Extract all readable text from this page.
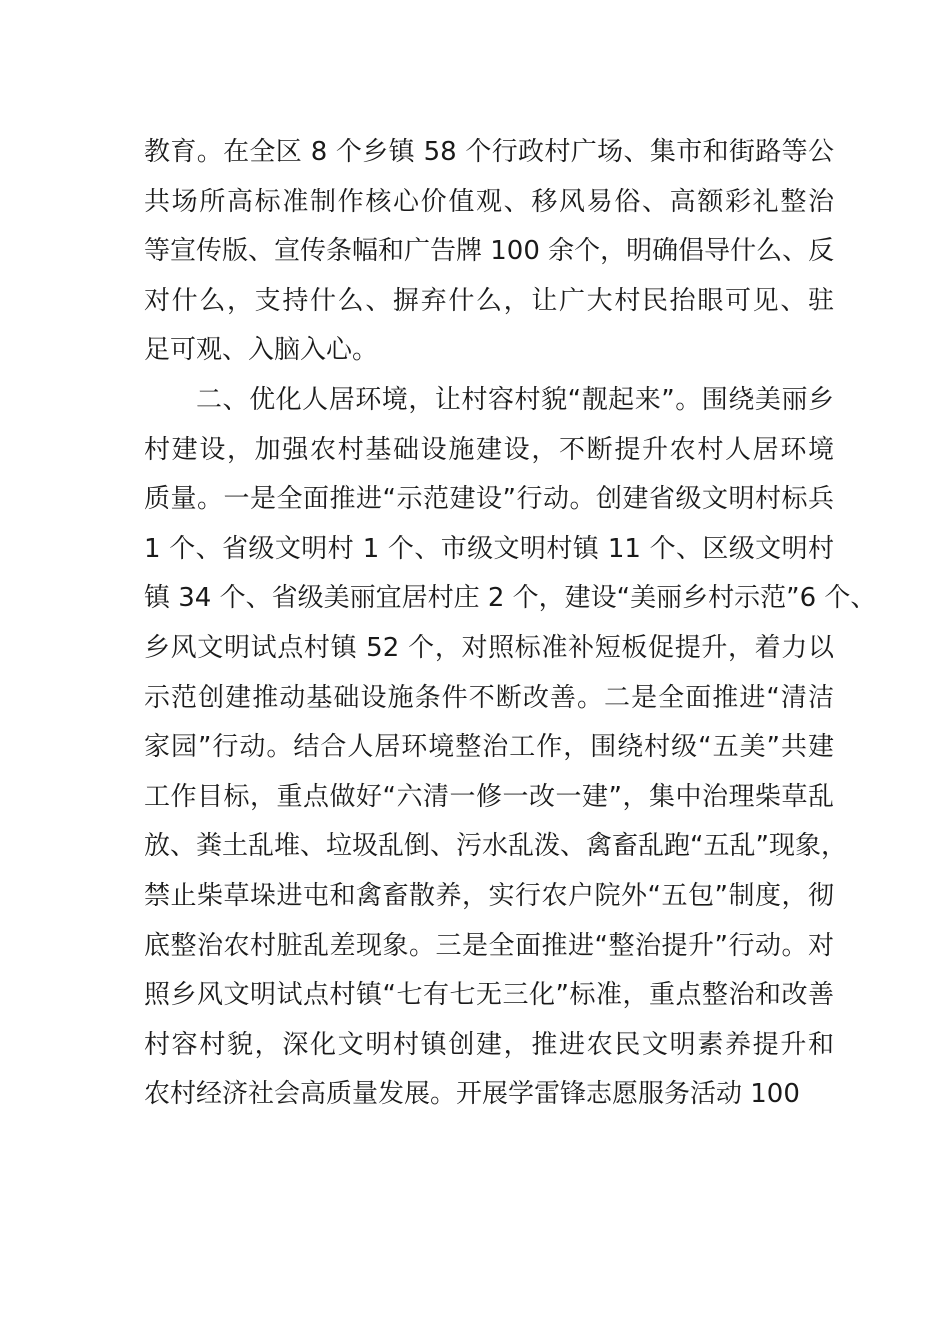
教育。在全区 8 个乡镇 58 个行政村广场、集市和街路等公
共场所高标准制作核心价值观、移风易俗、高额彩礼整治
等宣传版、宣传条幅和广告牌 100 余个，明确倡导什么、反
对什么，支持什么、摒弃什么，让广大村民抬眼可见、驻
足可观、入脑入心。
二、优化人居环境，让村容村貌“靓起来”。围绕美丽乡
村建设，加强农村基础设施建设，不断提升农村人居环境
质量。一是全面推进“示范建设”行动。创建省级文明村标兵
1 个、省级文明村 1 个、市级文明村镇 11 个、区级文明村
镇 34 个、省级美丽宜居村庄 2 个，建设“美丽乡村示范”6 个、
乡风文明试点村镇 52 个，对照标准补短板促提升，着力以
示范创建推动基础设施条件不断改善。二是全面推进“清洁
家园”行动。结合人居环境整治工作，围绕村级“五美”共建
工作目标，重点做好“六清一修一改一建”，集中治理柴草乱
放、粪土乱堆、垃圾乱倒、污水乱泼、禽畜乱跑“五乱”现象，
禁止柴草垛进屯和禽畜散养，实行农户院外“五包”制度，彻
底整治农村脏乱差现象。三是全面推进“整治提升”行动。对
照乡风文明试点村镇“七有七无三化”标准，重点整治和改善
村容村貌，深化文明村镇创建，推进农民文明素养提升和
农村经济社会高质量发展。开展学雷锋志愿服务活动 100
